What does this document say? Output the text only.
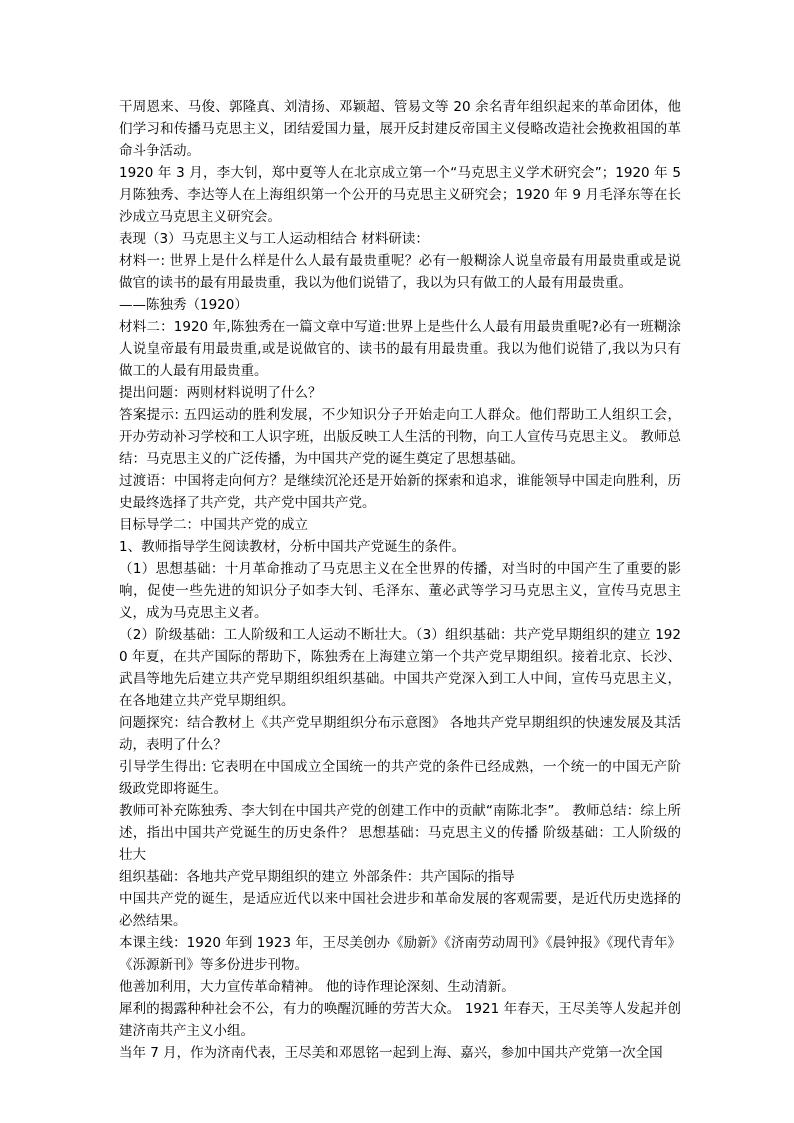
干周恩来、马俊、郭隆真、刘清扬、邓颖超、管易文等 20 余名青年组织起来的革命团体，他们学习和传播马克思主义，团结爱国力量，展开反封建反帝国主义侵略改造社会挽救祖国的革命斗争活动。

1920 年 3 月，李大钊，郑中夏等人在北京成立第一个“马克思主义学术研究会”；1920 年 5 月陈独秀、李达等人在上海组织第一个公开的马克思主义研究会；1920 年 9 月毛泽东等在长沙成立马克思主义研究会。

表现（3）马克思主义与工人运动相结合 材料研读：

材料一: 世界上是什么样是什么人最有最贵重呢？必有一般糊涂人说皇帝最有用最贵重或是说做官的读书的最有用最贵重，我以为他们说错了，我以为只有做工的人最有用最贵重。

——陈独秀（1920）

材料二：1920 年,陈独秀在一篇文章中写道:世界上是些什么人最有用最贵重呢?必有一班糊涂人说皇帝最有用最贵重,或是说做官的、读书的最有用最贵重。我以为他们说错了,我以为只有做工的人最有用最贵重。

提出问题：两则材料说明了什么？

答案提示: 五四运动的胜利发展，不少知识分子开始走向工人群众。他们帮助工人组织工会，开办劳动补习学校和工人识字班，出版反映工人生活的刊物，向工人宣传马克思主义。 教师总结：马克思主义的广泛传播，为中国共产党的诞生奠定了思想基础。

过渡语：中国将走向何方？是继续沉沦还是开始新的探索和追求，谁能领导中国走向胜利，历史最终选择了共产党，共产党中国共产党。

目标导学二：中国共产党的成立

1、教师指导学生阅读教材，分析中国共产党诞生的条件。

（1）思想基础：十月革命推动了马克思主义在全世界的传播，对当时的中国产生了重要的影响，促使一些先进的知识分子如李大钊、毛泽东、董必武等学习马克思主义，宣传马克思主义，成为马克思主义者。

（2）阶级基础：工人阶级和工人运动不断壮大。（3）组织基础：共产党早期组织的建立 1920 年夏，在共产国际的帮助下，陈独秀在上海建立第一个共产党早期组织。接着北京、长沙、武昌等地先后建立共产党早期组织组织基础。中国共产党深入到工人中间，宣传马克思主义，在各地建立共产党早期组织。

问题探究：结合教材上《共产党早期组织分布示意图》 各地共产党早期组织的快速发展及其活动，表明了什么？

引导学生得出: 它表明在中国成立全国统一的共产党的条件已经成熟，一个统一的中国无产阶级政党即将诞生。

教师可补充陈独秀、李大钊在中国共产党的创建工作中的贡献“南陈北李”。 教师总结：综上所述，指出中国共产党诞生的历史条件？ 思想基础：马克思主义的传播 阶级基础：工人阶级的壮大

组织基础：各地共产党早期组织的建立 外部条件：共产国际的指导

中国共产党的诞生，是适应近代以来中国社会进步和革命发展的客观需要，是近代历史选择的必然结果。

本课主线：1920 年到 1923 年，王尽美创办《励新》《济南劳动周刊》《晨钟报》《现代青年》《泺源新刊》等多份进步刊物。

他善加利用，大力宣传革命精神。 他的诗作理论深刻、生动清新。

犀利的揭露种种社会不公，有力的唤醒沉睡的劳苦大众。 1921 年春天，王尽美等人发起并创建济南共产主义小组。

当年 7 月，作为济南代表，王尽美和邓恩铭一起到上海、嘉兴，参加中国共产党第一次全国
